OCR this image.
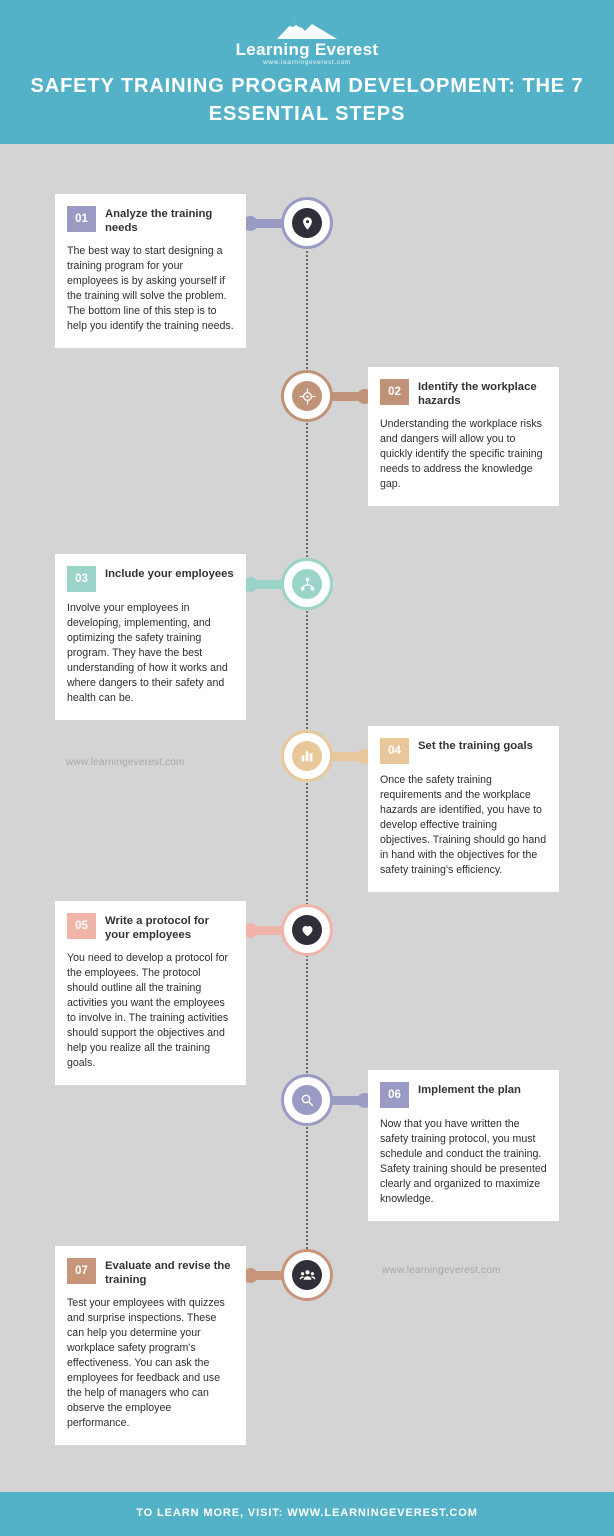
Learning Everest
www.learningeverest.com
SAFETY TRAINING PROGRAM DEVELOPMENT: THE 7 ESSENTIAL STEPS
01	Analyze the training needs
The best way to start designing a training program for your employees is by asking yourself if the training will solve the problem. The bottom line of this step is to help you identify the training needs.
02	Identify the workplace hazards
Understanding the workplace risks and dangers will allow you to quickly identify the specific training needs to address the knowledge gap.
03	Include your employees
Involve your employees in developing, implementing, and optimizing the safety training program. They have the best understanding of how it works and where dangers to their safety and health can be.
www.learningeverest.com
04	Set the training goals
Once the safety training requirements and the workplace hazards are identified, you have to develop effective training objectives. Training should go hand in hand with the objectives for the safety training's efficiency.
05	Write a protocol for your employees
You need to develop a protocol for the employees. The protocol should outline all the training activities you want the employees to involve in. The training activities should support the objectives and help you realize all the training goals.
06	Implement the plan
Now that you have written the safety training protocol, you must schedule and conduct the training. Safety training should be presented clearly and organized to maximize knowledge.
www.learningeverest.com
07	Evaluate and revise the training
Test your employees with quizzes and surprise inspections. These can help you determine your workplace safety program's effectiveness. You can ask the employees for feedback and use the help of managers who can observe the employee performance.
TO LEARN MORE, VISIT: WWW.LEARNINGEVEREST.COM
